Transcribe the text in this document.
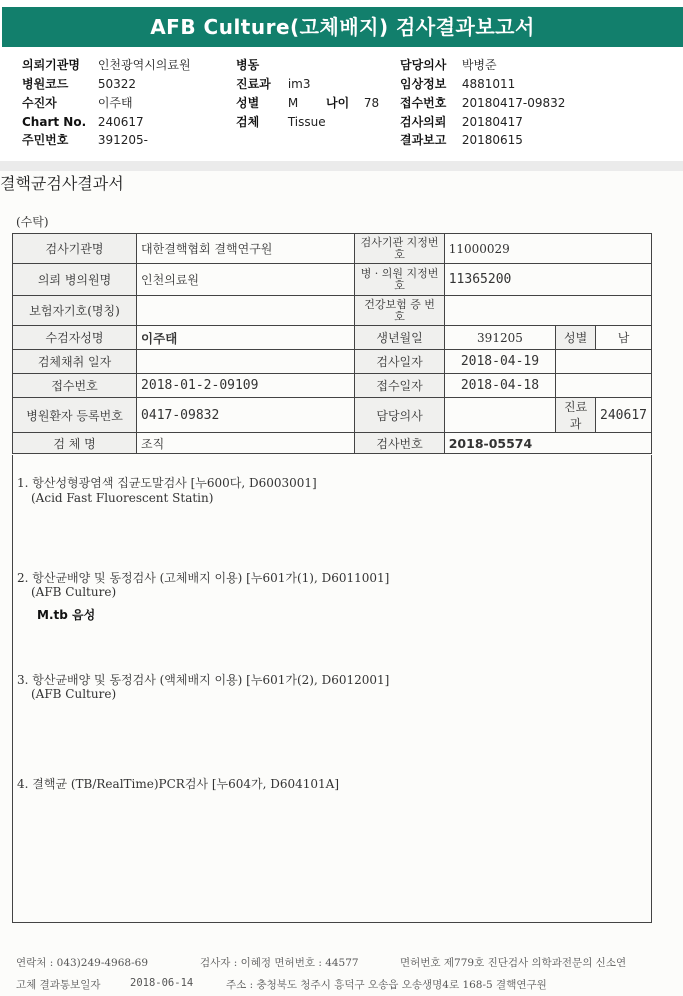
AFB Culture(고체배지) 검사결과보고서
의뢰기관명 인천광역시의료원
병원코드 50322
수진자	이주태
Chart No. 240617
주민번호 391205-
병동
진료과 im3
성별 M 나이 78
검체 Tissue
담당의사 박병준
임상정보 4881011
접수번호 20180417-09832
검사의뢰 20180417
결과보고 20180615
(수탁)
결핵균검사결과서
검사기관명	대한결핵협회 결핵연구원	검사기관 지정번호	11000029		
의뢰 병의원명	인천의료원	병 · 의원 지정번호	11365200		
보험자기호(명칭)		건강보험 증 번 호			
수검자성명	이주태	생년월일	391205	성별	남
검체채취 일자		검사일자	2018-04-19		
접수번호	2018-01-2-09109	접수일자	2018-04-18		
병원환자 등록번호	0417-09832	담당의사		진료과	240617
검 체 명	조직	검사번호	2018-05574		
1. 항산성형광염색 집균도말검사 [누600다, D6003001]
(Acid Fast Fluorescent Statin)
2. 항산균배양 및 동정검사 (고체배지 이용) [누601가(1), D6011001]
(AFB Culture)
M.tb 음성
3. 항산균배양 및 동정검사 (액체배지 이용) [누601가(2), D6012001]
(AFB Culture)
4. 결핵균 (TB/RealTime)PCR검사 [누604가, D604101A]
연락처 : 043)249-4968-69	검사자 : 이혜정 면허번호 : 44577	면허번호 제779호 진단검사 의학과전문의 신소연
고체 결과통보일자	2018-06-14	주소 : 충청북도 청주시 흥덕구 오송읍 오송생명4로 168-5 결핵연구원
